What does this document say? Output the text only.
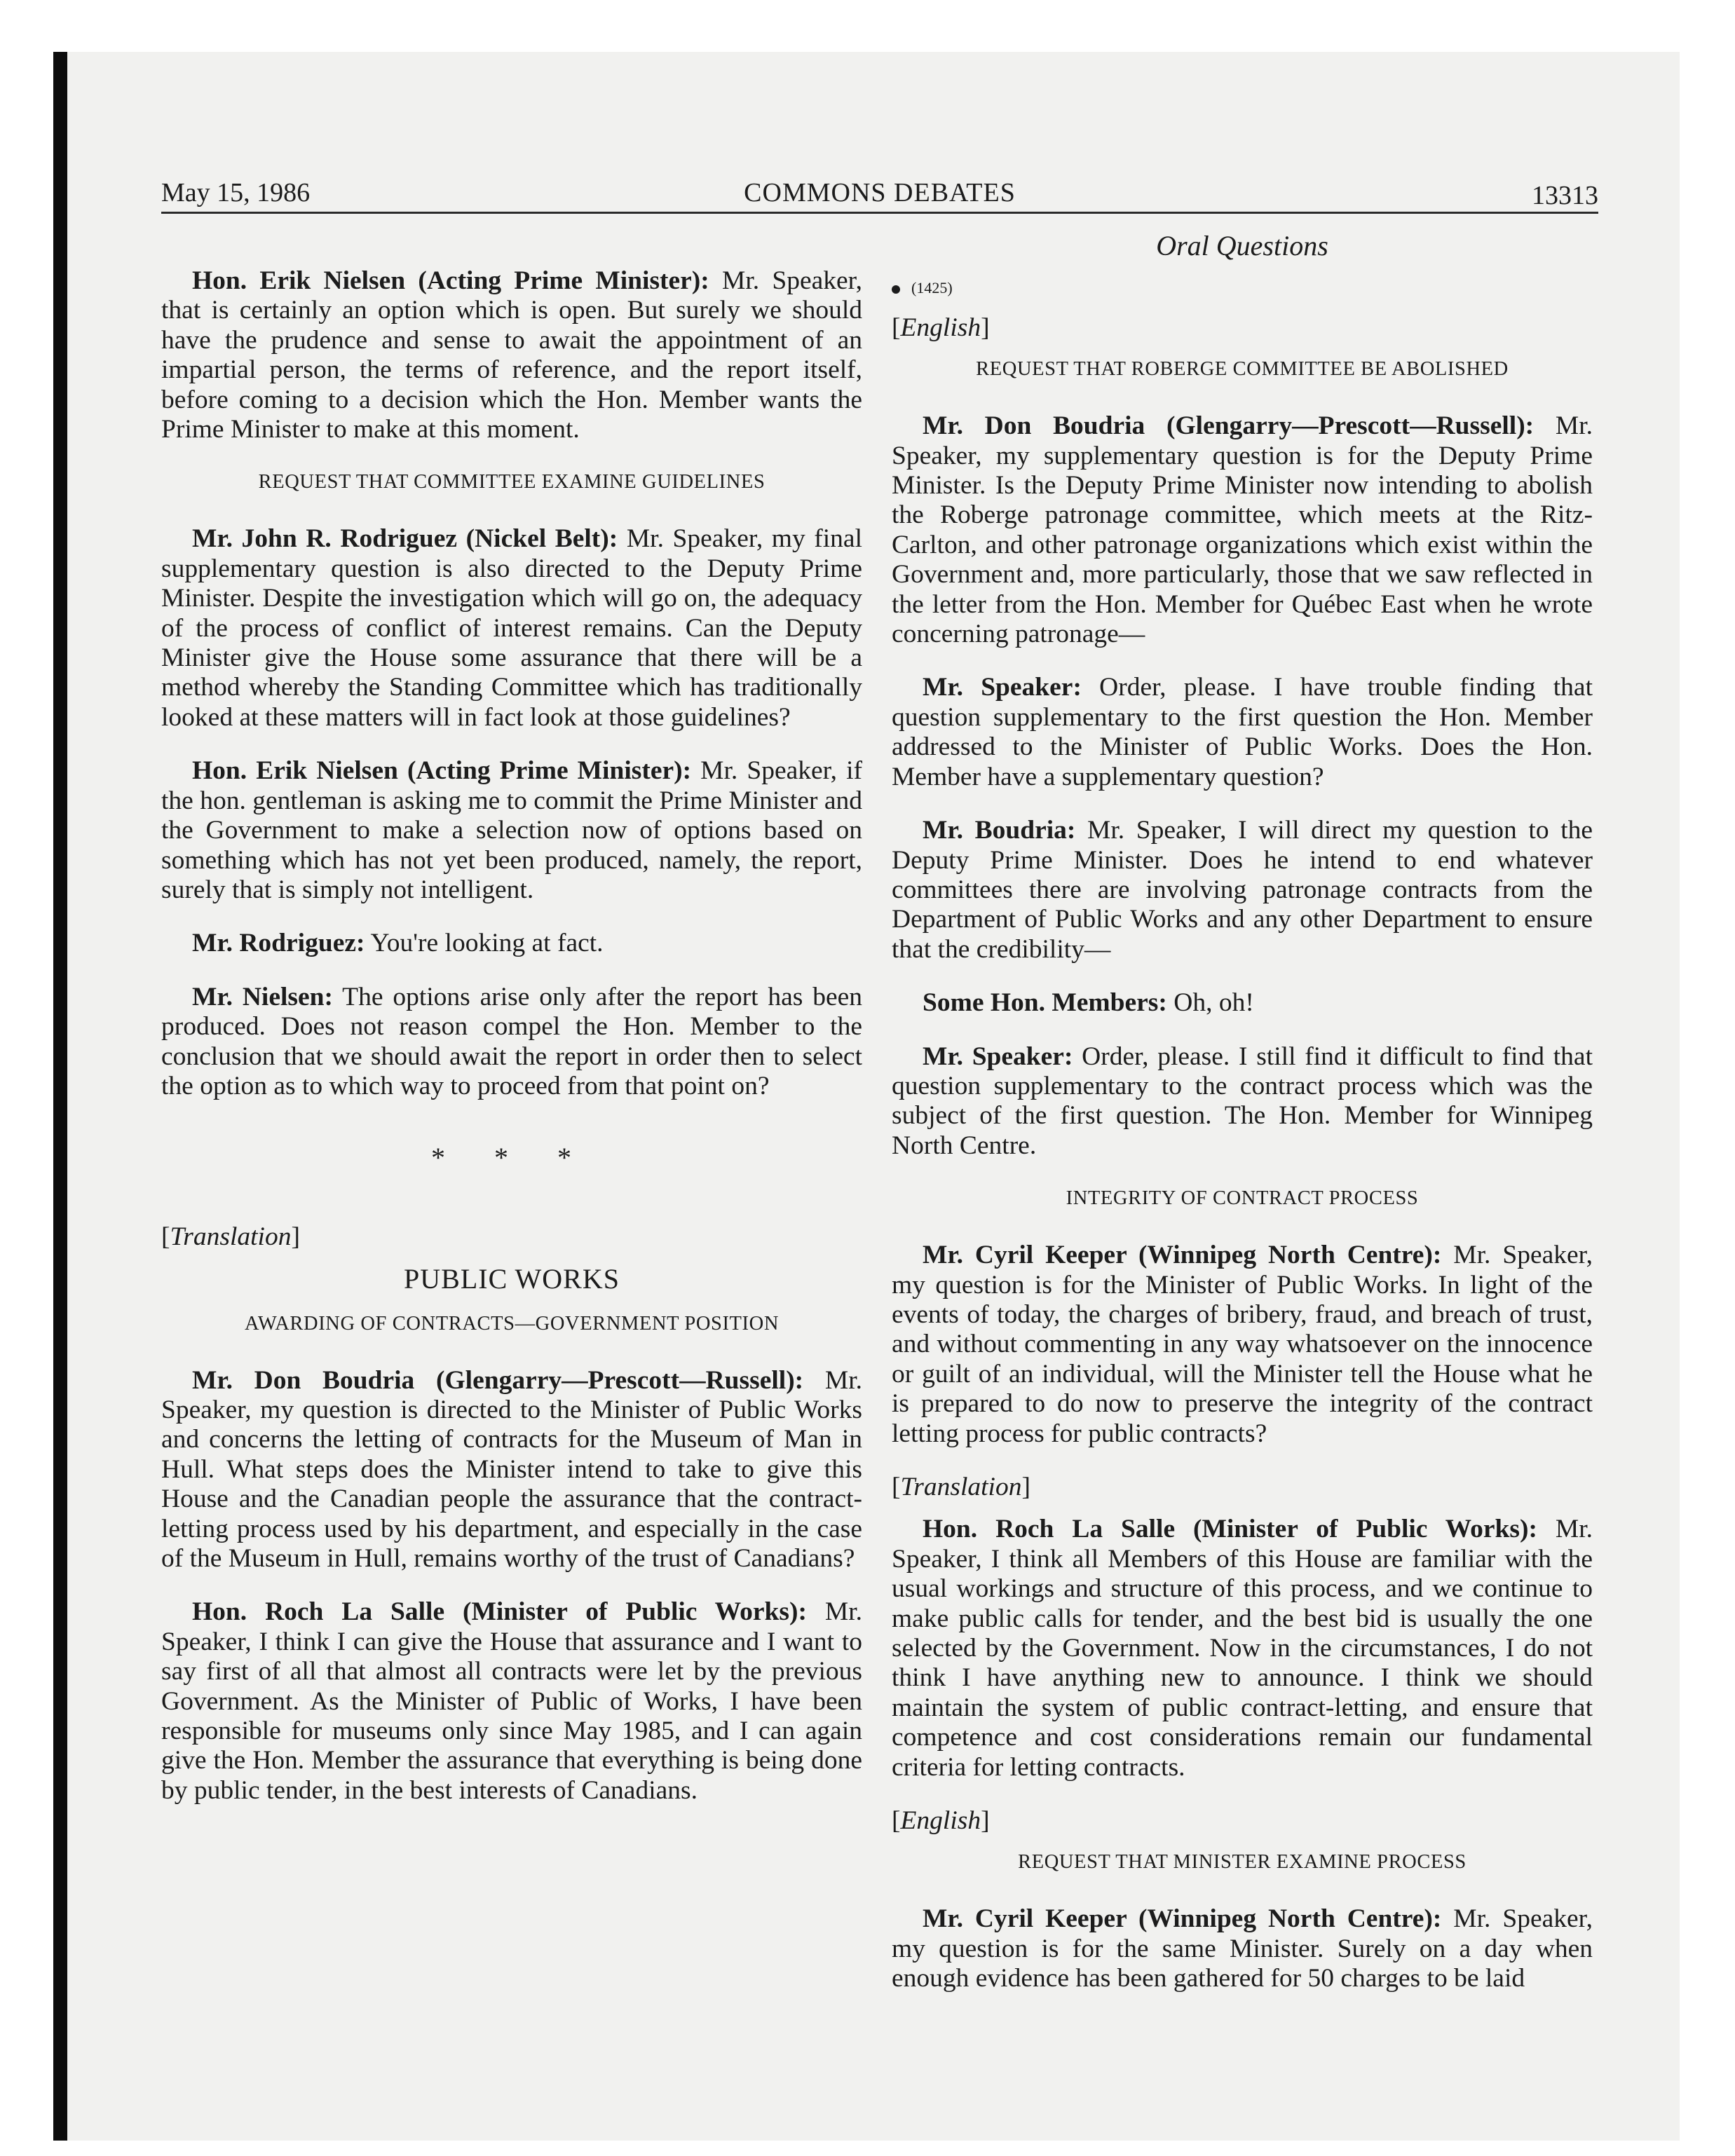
May 15, 1986	COMMONS DEBATES	13313

Hon. Erik Nielsen (Acting Prime Minister): Mr. Speaker, that is certainly an option which is open. But surely we should have the prudence and sense to await the appointment of an impartial person, the terms of reference, and the report itself, before coming to a decision which the Hon. Member wants the Prime Minister to make at this moment.

REQUEST THAT COMMITTEE EXAMINE GUIDELINES

Mr. John R. Rodriguez (Nickel Belt): Mr. Speaker, my final supplementary question is also directed to the Deputy Prime Minister. Despite the investigation which will go on, the adequacy of the process of conflict of interest remains. Can the Deputy Minister give the House some assurance that there will be a method whereby the Standing Committee which has traditionally looked at these matters will in fact look at those guidelines?

Hon. Erik Nielsen (Acting Prime Minister): Mr. Speaker, if the hon. gentleman is asking me to commit the Prime Minister and the Government to make a selection now of options based on something which has not yet been produced, namely, the report, surely that is simply not intelligent.

Mr. Rodriguez: You're looking at fact.

Mr. Nielsen: The options arise only after the report has been produced. Does not reason compel the Hon. Member to the conclusion that we should await the report in order then to select the option as to which way to proceed from that point on?

* * *
[Translation]
PUBLIC WORKS
AWARDING OF CONTRACTS—GOVERNMENT POSITION

Mr. Don Boudria (Glengarry—Prescott—Russell): Mr. Speaker, my question is directed to the Minister of Public Works and concerns the letting of contracts for the Museum of Man in Hull. What steps does the Minister intend to take to give this House and the Canadian people the assurance that the contract-letting process used by his department, and especially in the case of the Museum in Hull, remains worthy of the trust of Canadians?

Hon. Roch La Salle (Minister of Public Works): Mr. Speaker, I think I can give the House that assurance and I want to say first of all that almost all contracts were let by the previous Government. As the Minister of Public of Works, I have been responsible for museums only since May 1985, and I can again give the Hon. Member the assurance that everything is being done by public tender, in the best interests of Canadians.

Oral Questions
(1425)
[English]
REQUEST THAT ROBERGE COMMITTEE BE ABOLISHED

Mr. Don Boudria (Glengarry—Prescott—Russell): Mr. Speaker, my supplementary question is for the Deputy Prime Minister. Is the Deputy Prime Minister now intending to abolish the Roberge patronage committee, which meets at the Ritz-Carlton, and other patronage organizations which exist within the Government and, more particularly, those that we saw reflected in the letter from the Hon. Member for Québec East when he wrote concerning patronage—

Mr. Speaker: Order, please. I have trouble finding that question supplementary to the first question the Hon. Member addressed to the Minister of Public Works. Does the Hon. Member have a supplementary question?

Mr. Boudria: Mr. Speaker, I will direct my question to the Deputy Prime Minister. Does he intend to end whatever committees there are involving patronage contracts from the Department of Public Works and any other Department to ensure that the credibility—

Some Hon. Members: Oh, oh!

Mr. Speaker: Order, please. I still find it difficult to find that question supplementary to the contract process which was the subject of the first question. The Hon. Member for Winnipeg North Centre.

INTEGRITY OF CONTRACT PROCESS

Mr. Cyril Keeper (Winnipeg North Centre): Mr. Speaker, my question is for the Minister of Public Works. In light of the events of today, the charges of bribery, fraud, and breach of trust, and without commenting in any way whatsoever on the innocence or guilt of an individual, will the Minister tell the House what he is prepared to do now to preserve the integrity of the contract letting process for public contracts?

[Translation]

Hon. Roch La Salle (Minister of Public Works): Mr. Speaker, I think all Members of this House are familiar with the usual workings and structure of this process, and we continue to make public calls for tender, and the best bid is usually the one selected by the Government. Now in the circumstances, I do not think I have anything new to announce. I think we should maintain the system of public contract-letting, and ensure that competence and cost considerations remain our fundamental criteria for letting contracts.

[English]
REQUEST THAT MINISTER EXAMINE PROCESS

Mr. Cyril Keeper (Winnipeg North Centre): Mr. Speaker, my question is for the same Minister. Surely on a day when enough evidence has been gathered for 50 charges to be laid
